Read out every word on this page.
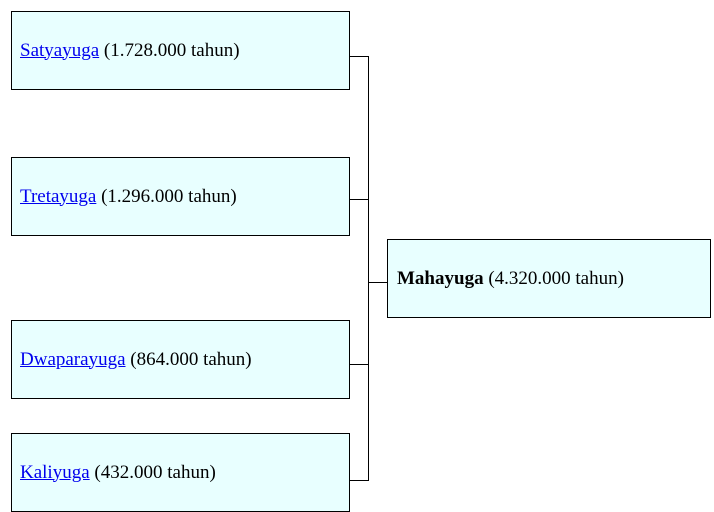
Satyayuga
(1.728.000 tahun)
Tretayuga
(1.296.000 tahun)
Dwaparayuga
(864.000 tahun)
Kaliyuga
(432.000 tahun)
Mahayuga
(4.320.000 tahun)
